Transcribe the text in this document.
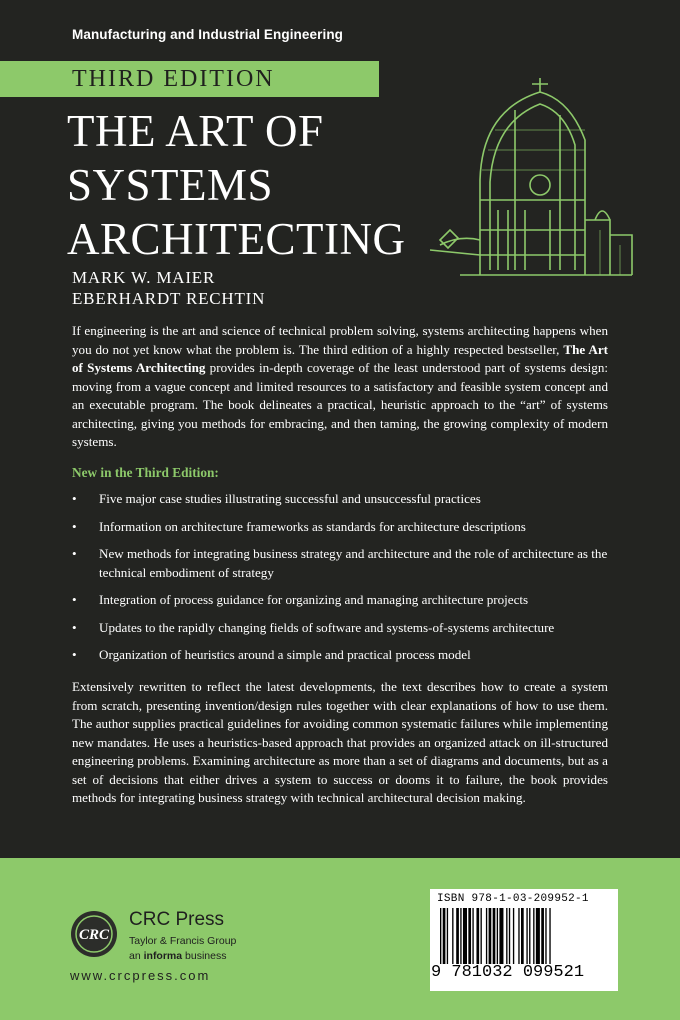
Manufacturing and Industrial Engineering
THIRD EDITION
THE ART OF
SYSTEMS
ARCHITECTING
MARK W. MAIER
EBERHARDT RECHTIN
If engineering is the art and science of technical problem solving, systems architecting happens when you do not yet know what the problem is. The third edition of a highly respected bestseller, The Art of Systems Architecting provides in-depth coverage of the least understood part of systems design: moving from a vague concept and limited resources to a satisfactory and feasible system concept and an executable program. The book delineates a practical, heuristic approach to the “art” of systems architecting, giving you methods for embracing, and then taming, the growing complexity of modern systems.
New in the Third Edition:
• Five major case studies illustrating successful and unsuccessful practices
• Information on architecture frameworks as standards for architecture descriptions
• New methods for integrating business strategy and architecture and the role of architecture as the technical embodiment of strategy
• Integration of process guidance for organizing and managing architecture projects
• Updates to the rapidly changing fields of software and systems-of-systems architecture
• Organization of heuristics around a simple and practical process model
Extensively rewritten to reflect the latest developments, the text describes how to create a system from scratch, presenting invention/design rules together with clear explanations of how to use them. The author supplies practical guidelines for avoiding common systematic failures while implementing new mandates. He uses a heuristics-based approach that provides an organized attack on ill-structured engineering problems. Examining architecture as more than a set of diagrams and documents, but as a set of decisions that either drives a system to success or dooms it to failure, the book provides methods for integrating business strategy with technical architectural decision making.
CRC
CRC Press
Taylor & Francis Group
an informa business
www.crcpress.com
ISBN 978-1-03-209952-1
9 781032 099521
